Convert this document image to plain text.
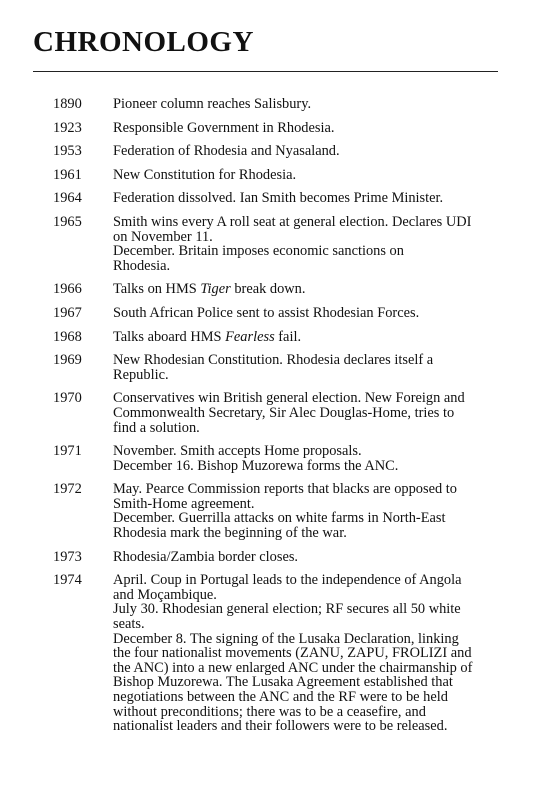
CHRONOLOGY
1890	Pioneer column reaches Salisbury.
1923	Responsible Government in Rhodesia.
1953	Federation of Rhodesia and Nyasaland.
1961	New Constitution for Rhodesia.
1964	Federation dissolved. Ian Smith becomes Prime Minister.
1965	Smith wins every A roll seat at general election. Declares UDI
on November 11.
December. Britain imposes economic sanctions on
Rhodesia.
1966	Talks on HMS Tiger break down.
1967	South African Police sent to assist Rhodesian Forces.
1968	Talks aboard HMS Fearless fail.
1969	New Rhodesian Constitution. Rhodesia declares itself a
Republic.
1970	Conservatives win British general election. New Foreign and
Commonwealth Secretary, Sir Alec Douglas-Home, tries to
find a solution.
1971	November. Smith accepts Home proposals.
December 16. Bishop Muzorewa forms the ANC.
1972	May. Pearce Commission reports that blacks are opposed to
Smith-Home agreement.
December. Guerrilla attacks on white farms in North-East
Rhodesia mark the beginning of the war.
1973	Rhodesia/Zambia border closes.
1974	April. Coup in Portugal leads to the independence of Angola
and Moçambique.
July 30. Rhodesian general election; RF secures all 50 white
seats.
December 8. The signing of the Lusaka Declaration, linking
the four nationalist movements (ZANU, ZAPU, FROLIZI and
the ANC) into a new enlarged ANC under the chairmanship of
Bishop Muzorewa. The Lusaka Agreement established that
negotiations between the ANC and the RF were to be held
without preconditions; there was to be a ceasefire, and
nationalist leaders and their followers were to be released.
